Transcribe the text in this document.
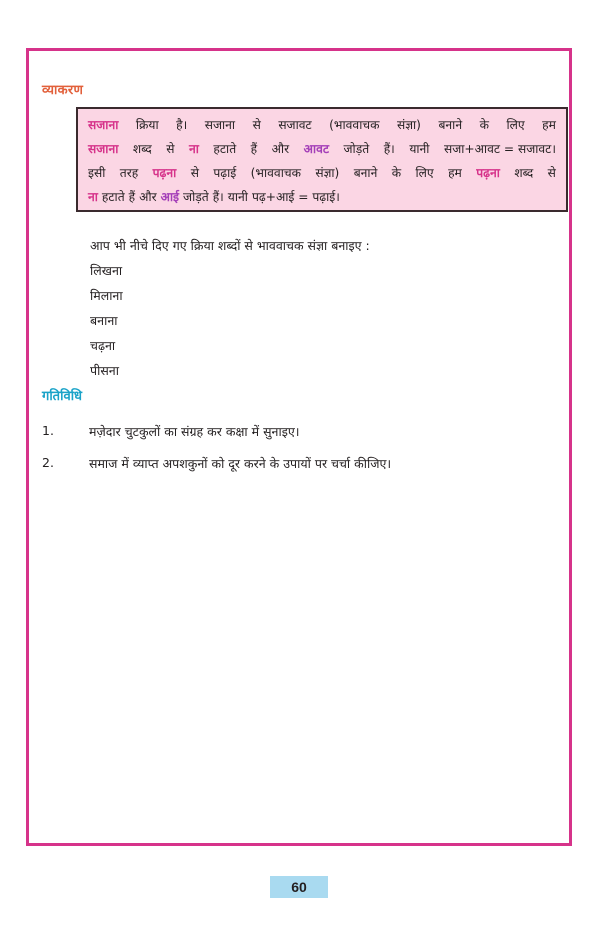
व्याकरण
सजाना क्रिया है। सजाना से सजावट (भाववाचक संज्ञा) बनाने के लिए हम
सजाना शब्द से ना हटाते हैं और आवट जोड़ते हैं। यानी सजा+आवट = सजावट।
इसी तरह पढ़ना से पढ़ाई (भाववाचक संज्ञा) बनाने के लिए हम पढ़ना शब्द से
ना हटाते हैं और आई जोड़ते हैं। यानी पढ़+आई = पढ़ाई।
आप भी नीचे दिए गए क्रिया शब्दों से भाववाचक संज्ञा बनाइए :
लिखना
मिलाना
बनाना
चढ़ना
पीसना
गतिविधि
1.	मज़ेदार चुटकुलों का संग्रह कर कक्षा में सुनाइए।
2.	समाज में व्याप्त अपशकुनों को दूर करने के उपायों पर चर्चा कीजिए।
60
